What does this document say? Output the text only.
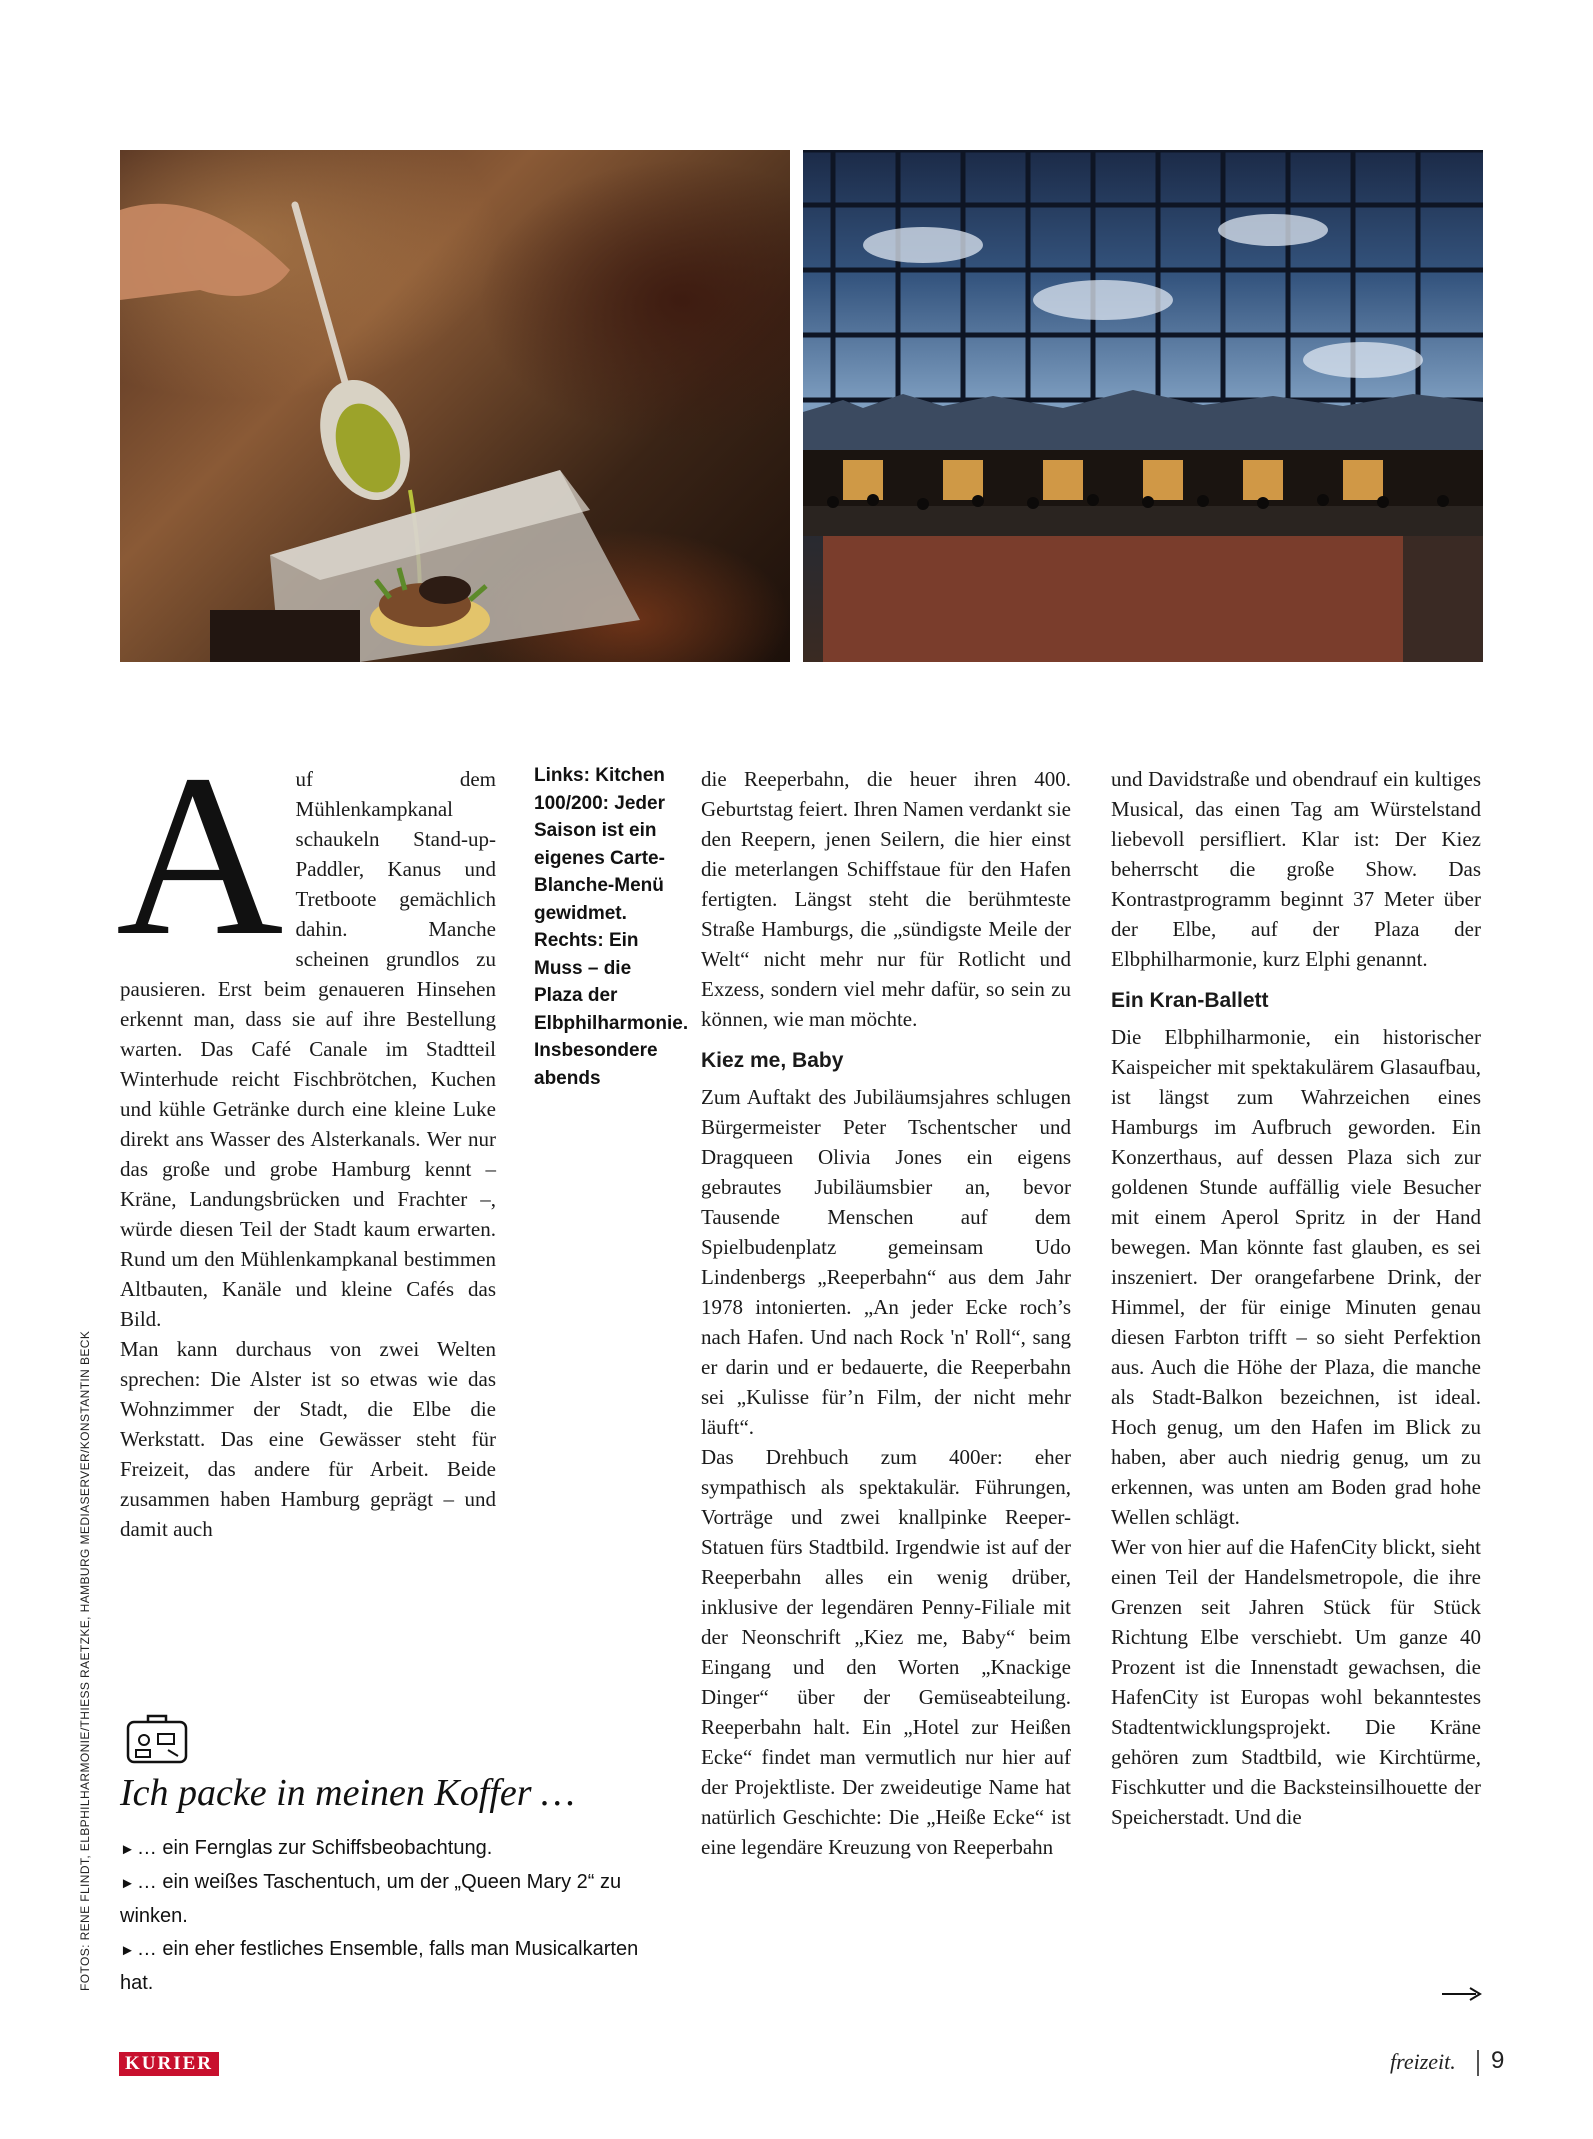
Links: Kitchen 100/200: Jeder Saison ist ein eigenes Carte-Blanche-Menü gewidmet. Rechts: Ein Muss – die Plaza der Elbphilharmonie. Insbesondere abends
FOTOS: RENE FLINDT, ELBPHILHARMONIE/THIESS RAETZKE, HAMBURG MEDIASERVER/KONSTANTIN BECK
A uf dem Mühlenkampkanal schaukeln Stand-up-Paddler, Kanus und Tretboote gemächlich dahin. Manche scheinen grundlos zu pausieren. Erst beim genaueren Hinsehen erkennt man, dass sie auf ihre Bestellung warten. Das Café Canale im Stadtteil Winterhude reicht Fischbrötchen, Kuchen und kühle Getränke durch eine kleine Luke direkt ans Wasser des Alsterkanals. Wer nur das große und grobe Hamburg kennt – Kräne, Landungsbrücken und Frachter –, würde diesen Teil der Stadt kaum erwarten. Rund um den Mühlenkampkanal bestimmen Altbauten, Kanäle und kleine Cafés das Bild.

Man kann durchaus von zwei Welten sprechen: Die Alster ist so etwas wie das Wohnzimmer der Stadt, die Elbe die Werkstatt. Das eine Gewässer steht für Freizeit, das andere für Arbeit. Beide zusammen haben Hamburg geprägt – und damit auch

die Reeperbahn, die heuer ihren 400. Geburtstag feiert. Ihren Namen verdankt sie den Reepern, jenen Seilern, die hier einst die meterlangen Schiffstaue für den Hafen fertigten. Längst steht die berühmteste Straße Hamburgs, die „sündigste Meile der Welt“ nicht mehr nur für Rotlicht und Exzess, sondern viel mehr dafür, so sein zu können, wie man möchte.

Kiez me, Baby

Zum Auftakt des Jubiläumsjahres schlugen Bürgermeister Peter Tschentscher und Dragqueen Olivia Jones ein eigens gebrautes Jubiläumsbier an, bevor Tausende Menschen auf dem Spielbudenplatz gemeinsam Udo Lindenbergs „Reeperbahn“ aus dem Jahr 1978 intonierten. „An jeder Ecke roch’s nach Hafen. Und nach Rock 'n' Roll“, sang er darin und er bedauerte, die Reeperbahn sei „Kulisse für’n Film, der nicht mehr läuft“.

Das Drehbuch zum 400er: eher sympathisch als spektakulär. Führungen, Vorträge und zwei knallpinke Reeper-Statuen fürs Stadtbild. Irgendwie ist auf der Reeperbahn alles ein wenig drüber, inklusive der legendären Penny-Filiale mit der Neonschrift „Kiez me, Baby“ beim Eingang und den Worten „Knackige Dinger“ über der Gemüseabteilung. Reeperbahn halt. Ein „Hotel zur Heißen Ecke“ findet man vermutlich nur hier auf der Projektliste. Der zweideutige Name hat natürlich Geschichte: Die „Heiße Ecke“ ist eine legendäre Kreuzung von Reeperbahn

und Davidstraße und obendrauf ein kultiges Musical, das einen Tag am Würstelstand liebevoll persifliert. Klar ist: Der Kiez beherrscht die große Show. Das Kontrastprogramm beginnt 37 Meter über der Elbe, auf der Plaza der Elbphilharmonie, kurz Elphi genannt.

Ein Kran-Ballett

Die Elbphilharmonie, ein historischer Kaispeicher mit spektakulärem Glasaufbau, ist längst zum Wahrzeichen eines Hamburgs im Aufbruch geworden. Ein Konzerthaus, auf dessen Plaza sich zur goldenen Stunde auffällig viele Besucher mit einem Aperol Spritz in der Hand bewegen. Man könnte fast glauben, es sei inszeniert. Der orangefarbene Drink, der Himmel, der für einige Minuten genau diesen Farbton trifft – so sieht Perfektion aus. Auch die Höhe der Plaza, die manche als Stadt-Balkon bezeichnen, ist ideal. Hoch genug, um den Hafen im Blick zu haben, aber auch niedrig genug, um zu erkennen, was unten am Boden grad hohe Wellen schlägt.

Wer von hier auf die HafenCity blickt, sieht einen Teil der Handelsmetropole, die ihre Grenzen seit Jahren Stück für Stück Richtung Elbe verschiebt. Um ganze 40 Prozent ist die Innenstadt gewachsen, die HafenCity ist Europas wohl bekanntestes Stadtentwicklungsprojekt. Die Kräne gehören zum Stadtbild, wie Kirchtürme, Fischkutter und die Backsteinsilhouette der Speicherstadt. Und die

Ich packe in meinen Koffer …
► … ein Fernglas zur Schiffsbeobachtung.
► … ein weißes Taschentuch, um der „Queen Mary 2“ zu winken.
► … ein eher festliches Ensemble, falls man Musicalkarten hat.
KURIER	freizeit. 9
